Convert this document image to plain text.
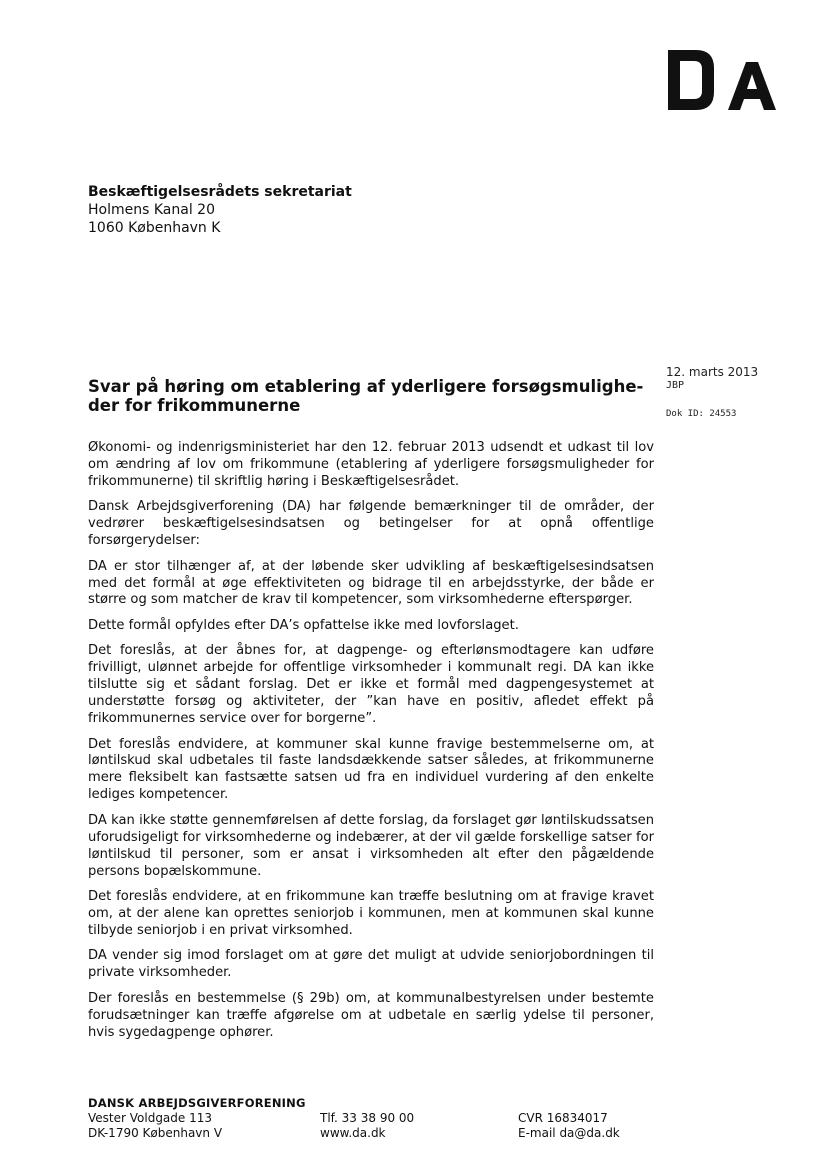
Beskæftigelsesrådets sekretariat
Holmens Kanal 20
1060 København K
12. marts 2013
JBP
Dok ID: 24553
Svar på høring om etablering af yderligere forsøgsmulighe-
der for frikommunerne

Økonomi- og indenrigsministeriet har den 12. februar 2013 udsendt et udkast til lov om ændring af lov om frikommune (etablering af yderligere forsøgsmuligheder for frikommunerne) til skriftlig høring i Beskæftigelsesrådet.

Dansk Arbejdsgiverforening (DA) har følgende bemærkninger til de områder, der vedrører beskæftigelsesindsatsen og betingelser for at opnå offentlige forsørgerydelser:

DA er stor tilhænger af, at der løbende sker udvikling af beskæftigelsesindsatsen med det formål at øge effektiviteten og bidrage til en arbejdsstyrke, der både er større og som matcher de krav til kompetencer, som virksomhederne efterspørger.

Dette formål opfyldes efter DA’s opfattelse ikke med lovforslaget.

Det foreslås, at der åbnes for, at dagpenge- og efterlønsmodtagere kan udføre frivilligt, ulønnet arbejde for offentlige virksomheder i kommunalt regi. DA kan ikke tilslutte sig et sådant forslag. Det er ikke et formål med dagpengesystemet at understøtte forsøg og aktiviteter, der ”kan have en positiv, afledet effekt på frikommunernes service over for borgerne”.

Det foreslås endvidere, at kommuner skal kunne fravige bestemmelserne om, at løntilskud skal udbetales til faste landsdækkende satser således, at frikommunerne mere fleksibelt kan fastsætte satsen ud fra en individuel vurdering af den enkelte lediges kompetencer.

DA kan ikke støtte gennemførelsen af dette forslag, da forslaget gør løntilskudssatsen uforudsigeligt for virksomhederne og indebærer, at der vil gælde forskellige satser for løntilskud til personer, som er ansat i virksomheden alt efter den pågældende persons bopælskommune.

Det foreslås endvidere, at en frikommune kan træffe beslutning om at fravige kravet om, at der alene kan oprettes seniorjob i kommunen, men at kommunen skal kunne tilbyde seniorjob i en privat virksomhed.

DA vender sig imod forslaget om at gøre det muligt at udvide seniorjobordningen til private virksomheder.

Der foreslås en bestemmelse (§ 29b) om, at kommunalbestyrelsen under bestemte forudsætninger kan træffe afgørelse om at udbetale en særlig ydelse til personer, hvis sygedagpenge ophører.

DANSK ARBEJDSGIVERFORENING
Vester Voldgade 113	Tlf. 33 38 90 00	CVR 16834017
DK-1790 København V	www.da.dk	E-mail da@da.dk
